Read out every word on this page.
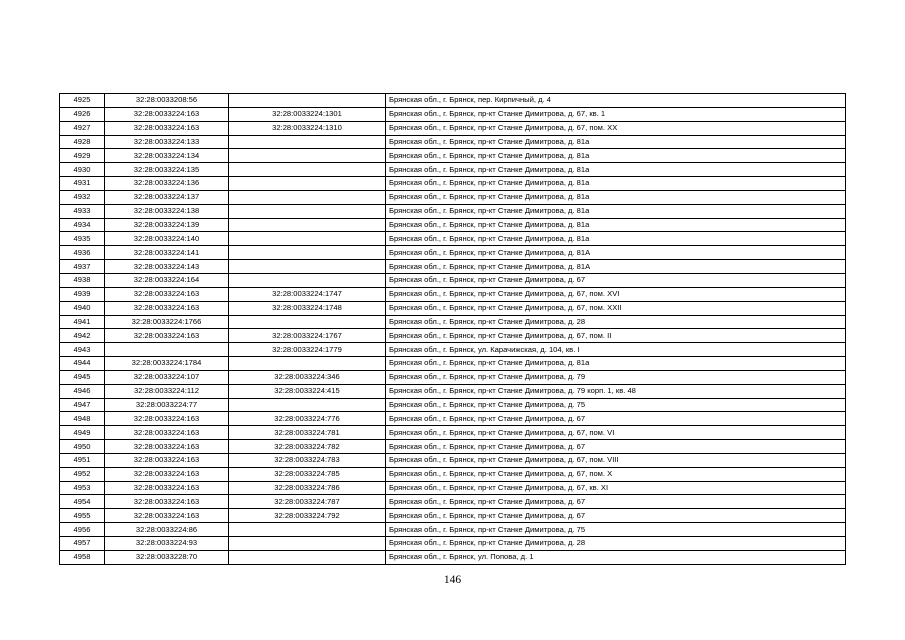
4925	32:28:0033208:56		Брянская обл., г. Брянск, пер. Кирпичный, д. 4
4926	32:28:0033224:163	32:28:0033224:1301	Брянская обл., г. Брянск, пр-кт Станке Димитрова, д. 67, кв. 1
4927	32:28:0033224:163	32:28:0033224:1310	Брянская обл., г. Брянск, пр-кт Станке Димитрова, д. 67, пом. XX
4928	32:28:0033224:133		Брянская обл., г. Брянск, пр-кт Станке Димитрова, д. 81а
4929	32:28:0033224:134		Брянская обл., г. Брянск, пр-кт Станке Димитрова, д. 81а
4930	32:28:0033224:135		Брянская обл., г. Брянск, пр-кт Станке Димитрова, д. 81а
4931	32:28:0033224:136		Брянская обл., г. Брянск, пр-кт Станке Димитрова, д. 81а
4932	32:28:0033224:137		Брянская обл., г. Брянск, пр-кт Станке Димитрова, д. 81а
4933	32:28:0033224:138		Брянская обл., г. Брянск, пр-кт Станке Димитрова, д. 81а
4934	32:28:0033224:139		Брянская обл., г. Брянск, пр-кт Станке Димитрова, д. 81а
4935	32:28:0033224:140		Брянская обл., г. Брянск, пр-кт Станке Димитрова, д. 81а
4936	32:28:0033224:141		Брянская обл., г. Брянск, пр-кт Станке Димитрова, д. 81А
4937	32:28:0033224:143		Брянская обл., г. Брянск, пр-кт Станке Димитрова, д. 81А
4938	32:28:0033224:164		Брянская обл., г. Брянск, пр-кт Станке Димитрова, д. 67
4939	32:28:0033224:163	32:28:0033224:1747	Брянская обл., г. Брянск, пр-кт Станке Димитрова, д. 67, пом. XVI
4940	32:28:0033224:163	32:28:0033224:1748	Брянская обл., г. Брянск, пр-кт Станке Димитрова, д. 67, пом. XXII
4941	32:28:0033224:1766		Брянская обл., г. Брянск, пр-кт Станке Димитрова, д. 28
4942	32:28:0033224:163	32:28:0033224:1767	Брянская обл., г. Брянск, пр-кт Станке Димитрова, д. 67, пом. II
4943		32:28:0033224:1779	Брянская обл., г. Брянск, ул. Карачижская, д. 104, кв. I
4944	32:28:0033224:1784		Брянская обл., г. Брянск, пр-кт Станке Димитрова, д. 81а
4945	32:28:0033224:107	32:28:0033224:346	Брянская обл., г. Брянск, пр-кт Станке Димитрова, д. 79
4946	32:28:0033224:112	32:28:0033224:415	Брянская обл., г. Брянск, пр-кт Станке Димитрова, д. 79 корп. 1, кв. 48
4947	32:28:0033224:77		Брянская обл., г. Брянск, пр-кт Станке Димитрова, д. 75
4948	32:28:0033224:163	32:28:0033224:776	Брянская обл., г. Брянск, пр-кт Станке Димитрова, д. 67
4949	32:28:0033224:163	32:28:0033224:781	Брянская обл., г. Брянск, пр-кт Станке Димитрова, д. 67, пом. VI
4950	32:28:0033224:163	32:28:0033224:782	Брянская обл., г. Брянск, пр-кт Станке Димитрова, д. 67
4951	32:28:0033224:163	32:28:0033224:783	Брянская обл., г. Брянск, пр-кт Станке Димитрова, д. 67, пом. VIII
4952	32:28:0033224:163	32:28:0033224:785	Брянская обл., г. Брянск, пр-кт Станке Димитрова, д. 67, пом. X
4953	32:28:0033224:163	32:28:0033224:786	Брянская обл., г. Брянск, пр-кт Станке Димитрова, д. 67, кв. XI
4954	32:28:0033224:163	32:28:0033224:787	Брянская обл., г. Брянск, пр-кт Станке Димитрова, д. 67
4955	32:28:0033224:163	32:28:0033224:792	Брянская обл., г. Брянск, пр-кт Станке Димитрова, д. 67
4956	32:28:0033224:86		Брянская обл., г. Брянск, пр-кт Станке Димитрова, д. 75
4957	32:28:0033224:93		Брянская обл., г. Брянск, пр-кт Станке Димитрова, д. 28
4958	32:28:0033228:70		Брянская обл., г. Брянск, ул. Попова, д. 1
146
